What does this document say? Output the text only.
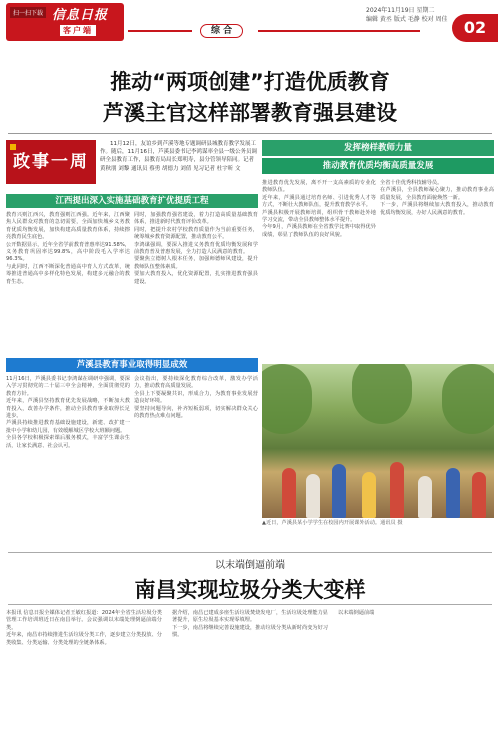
扫一扫下载 信息日报
客户端	综 合
2024年11月19日 星期二
编辑 黄丞 版式 毛静 校对 周佳	02
推动“两项创建”打造优质教育
芦溪主官这样部署教育强县建设
政事一周
11月12日，友谊乡到芦溪等地专题调研县城教育教学发展工作。随后，11月16日，芦溪县委书记李鸿谋率全县一级公务员调研全县教育工作，县教育局局长郑明寿，县分管领导陪同。记者黄秋朋 刘黎 通讯员 蔡勇 胡德力 刘倩 见习记者 杜宇昕 文
江西提出深入实施基础教育扩优提质工程

教育兴则江西兴，教育强则江西强。近年来，江西聚焦人民群众对教育的急切需要，全面加快城乡义务教育优质均衡发展，加快构建高质量教育体系，持续擦亮教育民生底色。

公开数据显示，近年全省学前教育普惠率达91.58%，义务教育巩固率达99.8%，高中阶段毛入学率达96.3%。

与此同时，江西不断深化普通高中育人方式改革，统筹推进普通高中多样化特色发展，构建多元融合的教育生态。

同时，加强教育强省建设，着力打造高质量基础教育体系，推进新时代教育评价改革。

同时，把提升农村学校教育质量作为当前重要任务，统筹城乡教育资源配置，推动教育公平。

李鸿谋强调，要深入推进义务教育优质均衡发展和学前教育普及普惠发展，全力打造人民满意的教育。

要聚焦立德树人根本任务，加强师德师风建设，提升教师队伍整体素质。

要加大教育投入，优化资源配置，扎实推进教育强县建设。

芦溪县教育事业取得明显成效

11月16日，芦溪县委书记李鸿谋在调研中强调，要深入学习贯彻党的二十届三中全会精神，全面贯彻党的教育方针。

近年来，芦溪县坚持教育优先发展战略，不断加大教育投入，改善办学条件，推动全县教育事业取得长足进步。

芦溪县持续推进教育基础设施建设，新建、改扩建一批中小学和幼儿园，有效缓解城区学校大班额问题。

全县各学校积极探索课后服务模式，丰富学生课余生活，让家长满意、社会认可。

会议指出，要持续深化教育综合改革，激发办学活力，推动教育高质量发展。

全县上下要凝聚共识，形成合力，为教育事业发展营造良好环境。

要坚持问题导向，补齐短板弱项，切实解决群众关心的教育热点难点问题。

发挥榜样教师力量
推动教育优质均衡高质量发展

推进教育优先发展，离不开一支高素质的专业化教师队伍。

近年来，芦溪县通过培育名师、引进优秀人才等方式，不断壮大教师队伍，提升教育教学水平。

芦溪县积极开展教师培训，组织骨干教师赴外地学习交流，带动全县教师整体水平提升。

今年9月，芦溪县教师在全省教学比赛中取得优异成绩，彰显了教师队伍的良好风貌。

全省十佳优秀科技辅导员。

在芦溪县，全县教师凝心聚力，推动教育事业高质量发展，全县教育面貌焕然一新。

下一步，芦溪县将继续加大教育投入，推动教育优质均衡发展，办好人民满意的教育。

▲近日，芦溪县某小学学生在校园内开展课外活动。通讯员 摄
以末端倒逼前端
南昌实现垃圾分类大变样

本报讯 信息日报全媒体记者王敏红报道：2024年全省生活垃圾分类管理工作培训班近日在南昌举行。会议强调以末端处理倒逼前端分类。

近年来，南昌市持续推进生活垃圾分类工作，逐步建立分类投放、分类收集、分类运输、分类处理的全链条体系。

据介绍，南昌已建成多座生活垃圾焚烧发电厂，生活垃圾处理能力显著提升，原生垃圾基本实现零填埋。

下一步，南昌将继续完善设施建设，推动垃圾分类从新时尚变为好习惯。

以末端倒逼前端
